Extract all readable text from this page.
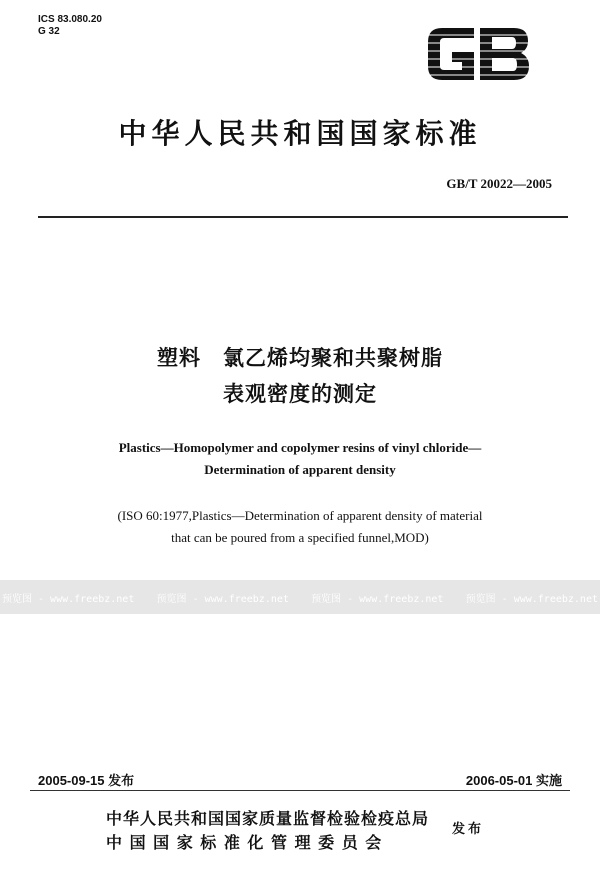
ICS 83.080.20
G 32
中华人民共和国国家标准
GB/T 20022—2005
塑料　氯乙烯均聚和共聚树脂
表观密度的测定
Plastics—Homopolymer and copolymer resins of vinyl chloride—
Determination of apparent density
(ISO 60:1977,Plastics—Determination of apparent density of material
that can be poured from a specified funnel,MOD)
预览图 - www.freebz.net 预览图 - www.freebz.net 预览图 - www.freebz.net 预览图 - www.freebz.net
2005-09-15 发布	2006-05-01 实施
中华人民共和国国家质量监督检验检疫总局
中 国 国 家 标 准 化 管 理 委 员 会
发布
